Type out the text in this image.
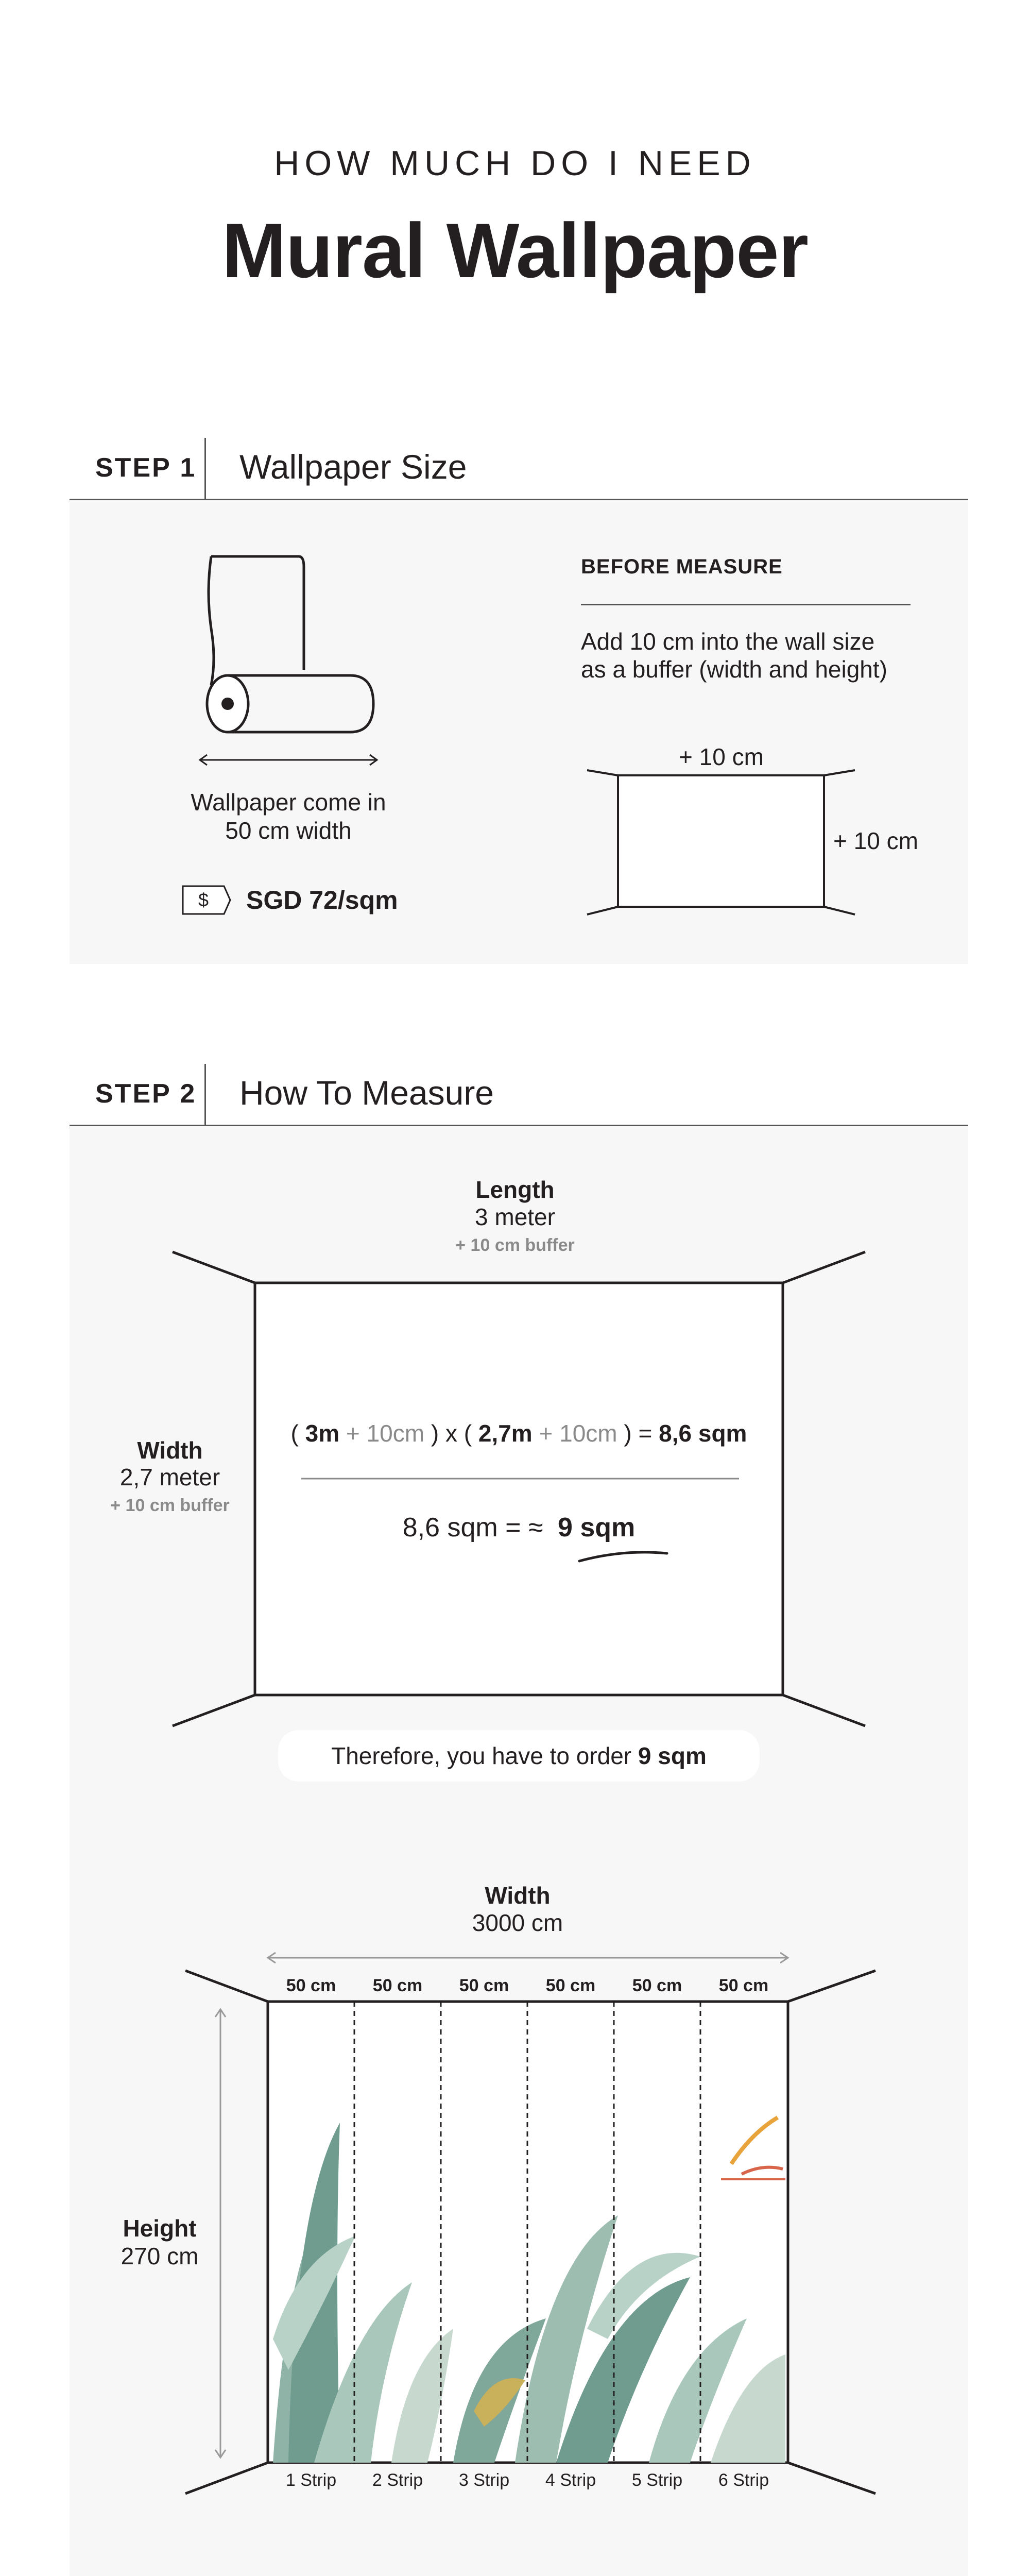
HOW MUCH DO I NEED
Mural Wallpaper
STEP 1 Wallpaper Size
Wallpaper come in
50 cm width
$ SGD 72/sqm
BEFORE MEASURE
Add 10 cm into the wall size
as a buffer (width and height)
+ 10 cm
+ 10 cm
STEP 2 How To Measure
Length
3 meter
+ 10 cm buffer
Width
2,7 meter
+ 10 cm buffer
( 3m + 10cm ) x ( 2,7m + 10cm ) = 8,6 sqm
8,6 sqm = ≈ 9 sqm
Therefore, you have to order 9 sqm
Width
3000 cm
Height
270 cm
50 cm	50 cm	50 cm	50 cm	50 cm	50 cm
1 Strip	2 Strip	3 Strip	4 Strip	5 Strip	6 Strip
